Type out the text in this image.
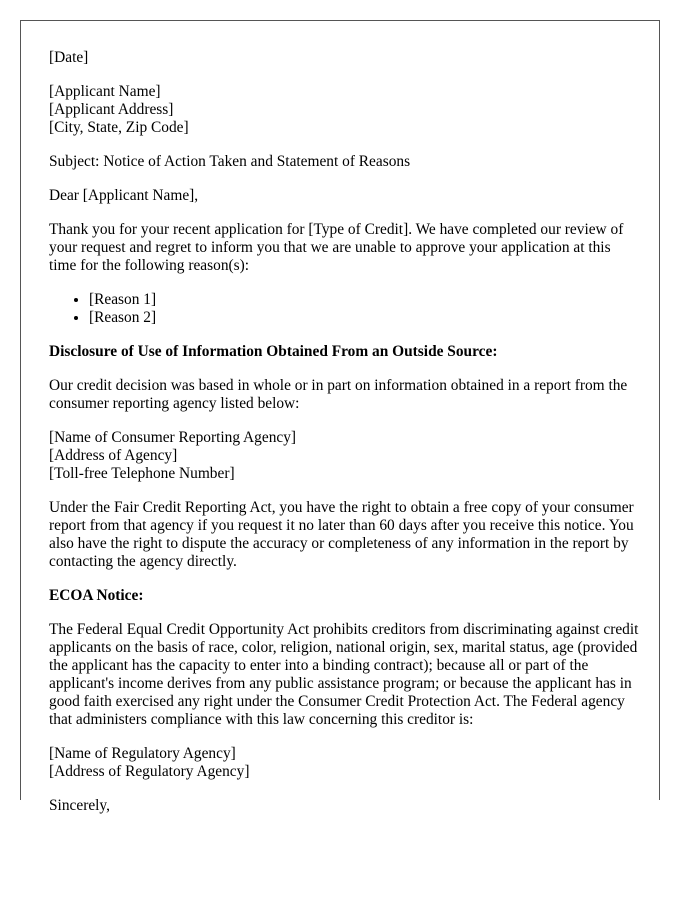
[Date]

[Applicant Name]
[Applicant Address]
[City, State, Zip Code]

Subject: Notice of Action Taken and Statement of Reasons

Dear [Applicant Name],

Thank you for your recent application for [Type of Credit]. We have completed our review of your request and regret to inform you that we are unable to approve your application at this time for the following reason(s):

• [Reason 1]
• [Reason 2]
Disclosure of Use of Information Obtained From an Outside Source:

Our credit decision was based in whole or in part on information obtained in a report from the consumer reporting agency listed below:

[Name of Consumer Reporting Agency]
[Address of Agency]
[Toll-free Telephone Number]

Under the Fair Credit Reporting Act, you have the right to obtain a free copy of your consumer report from that agency if you request it no later than 60 days after you receive this notice. You also have the right to dispute the accuracy or completeness of any information in the report by contacting the agency directly.

ECOA Notice:

The Federal Equal Credit Opportunity Act prohibits creditors from discriminating against credit applicants on the basis of race, color, religion, national origin, sex, marital status, age (provided the applicant has the capacity to enter into a binding contract); because all or part of the applicant's income derives from any public assistance program; or because the applicant has in good faith exercised any right under the Consumer Credit Protection Act. The Federal agency that administers compliance with this law concerning this creditor is:

[Name of Regulatory Agency]
[Address of Regulatory Agency]

Sincerely,
